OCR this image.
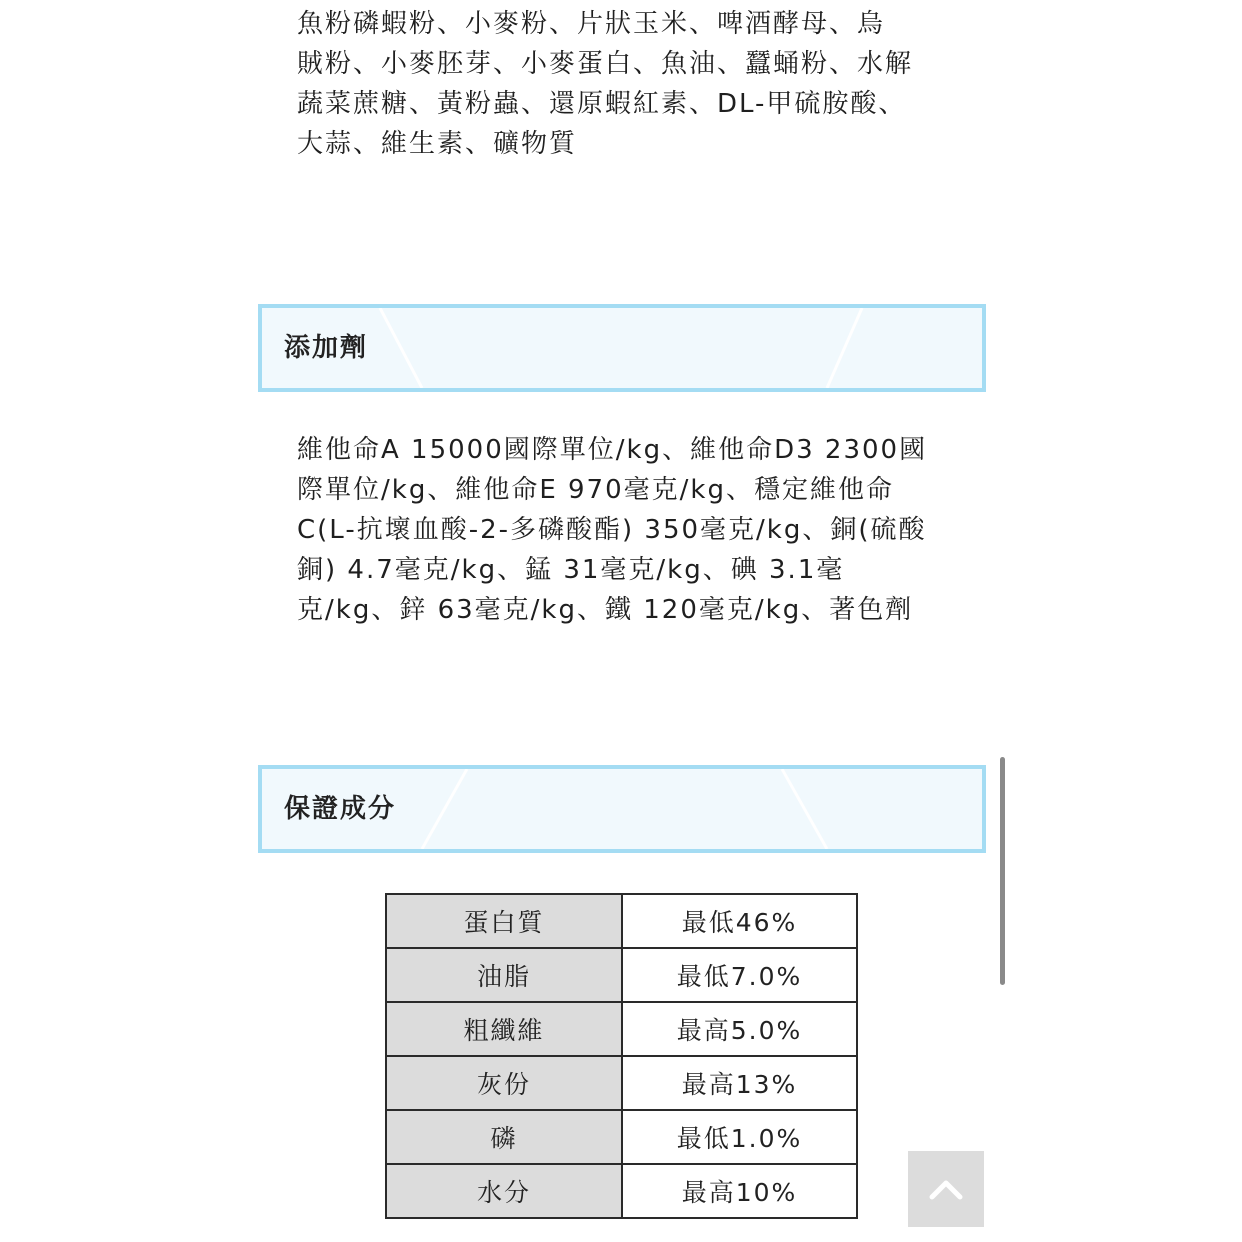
魚粉磷蝦粉、小麥粉、片狀玉米、啤酒酵母、烏
賊粉、小麥胚芽、小麥蛋白、魚油、蠶蛹粉、水解
蔬菜蔗糖、黃粉蟲、還原蝦紅素、DL-甲硫胺酸、
大蒜、維生素、礦物質
添加劑
維他命A 15000國際單位/kg、維他命D3 2300國
際單位/kg、維他命E 970毫克/kg、穩定維他命
C(L-抗壞血酸-2-多磷酸酯) 350毫克/kg、銅(硫酸
銅) 4.7毫克/kg、錳 31毫克/kg、碘 3.1毫
克/kg、鋅 63毫克/kg、鐵 120毫克/kg、著色劑
保證成分
蛋白質	最低46%
油脂	最低7.0%
粗纖維	最高5.0%
灰份	最高13%
磷	最低1.0%
水分	最高10%
